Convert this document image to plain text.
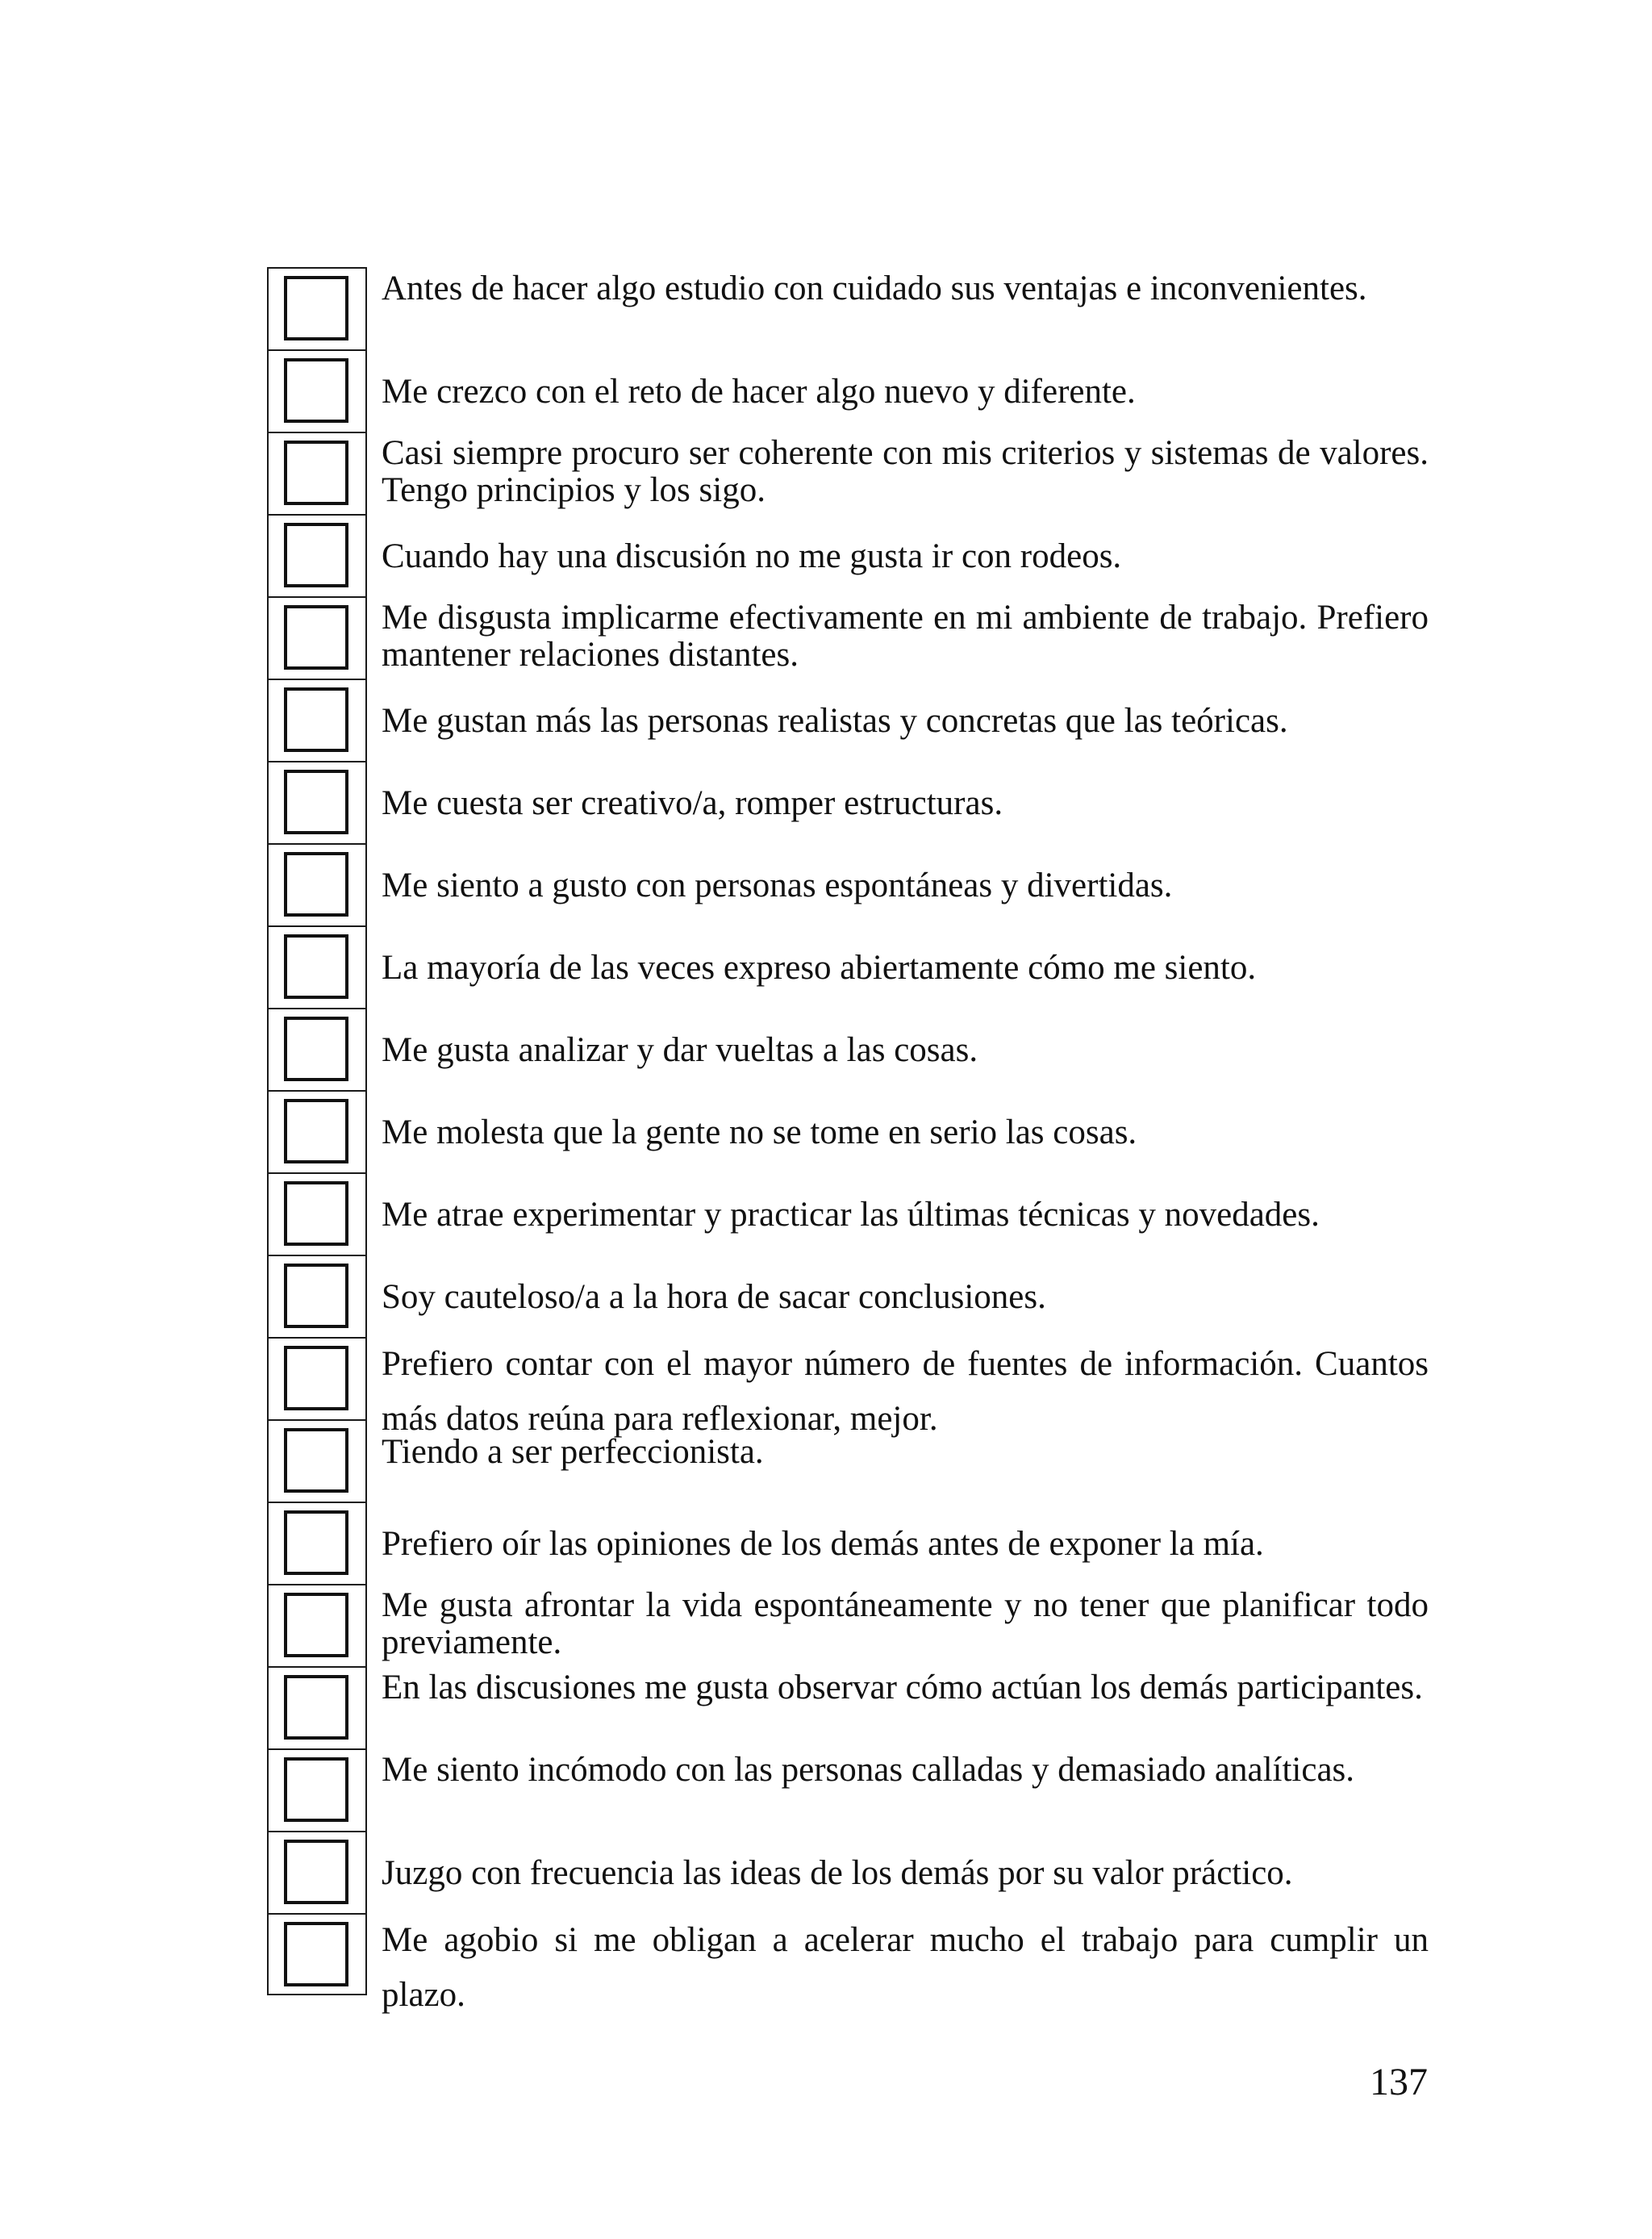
Antes de hacer algo estudio con cuidado sus ventajas e inconvenientes.
Me crezco con el reto de hacer algo nuevo y diferente.
Casi siempre procuro ser coherente con mis criterios y sistemas de valores. Tengo principios y los sigo.
Cuando hay una discusión no me gusta ir con rodeos.
Me disgusta implicarme efectivamente en mi ambiente de trabajo. Prefiero mantener relaciones distantes.
Me gustan más las personas realistas y concretas que las teóricas.
Me cuesta ser creativo/a, romper estructuras.
Me siento a gusto con personas espontáneas y divertidas.
La mayoría de las veces expreso abiertamente cómo me siento.
Me gusta analizar y dar vueltas a las cosas.
Me molesta que la gente no se tome en serio las cosas.
Me atrae experimentar y practicar las últimas técnicas y novedades.
Soy cauteloso/a a la hora de sacar conclusiones.
Prefiero contar con el mayor número de fuentes de información. Cuantos más datos reúna para reflexionar, mejor.
Tiendo a ser perfeccionista.
Prefiero oír las opiniones de los demás antes de exponer la mía.
Me gusta afrontar la vida espontáneamente y no tener que planificar todo previamente.
En las discusiones me gusta observar cómo actúan los demás participantes.
Me siento incómodo con las personas calladas y demasiado analíticas.
Juzgo con frecuencia las ideas de los demás por su valor práctico.
Me agobio si me obligan a acelerar mucho el trabajo para cumplir un plazo.
137
